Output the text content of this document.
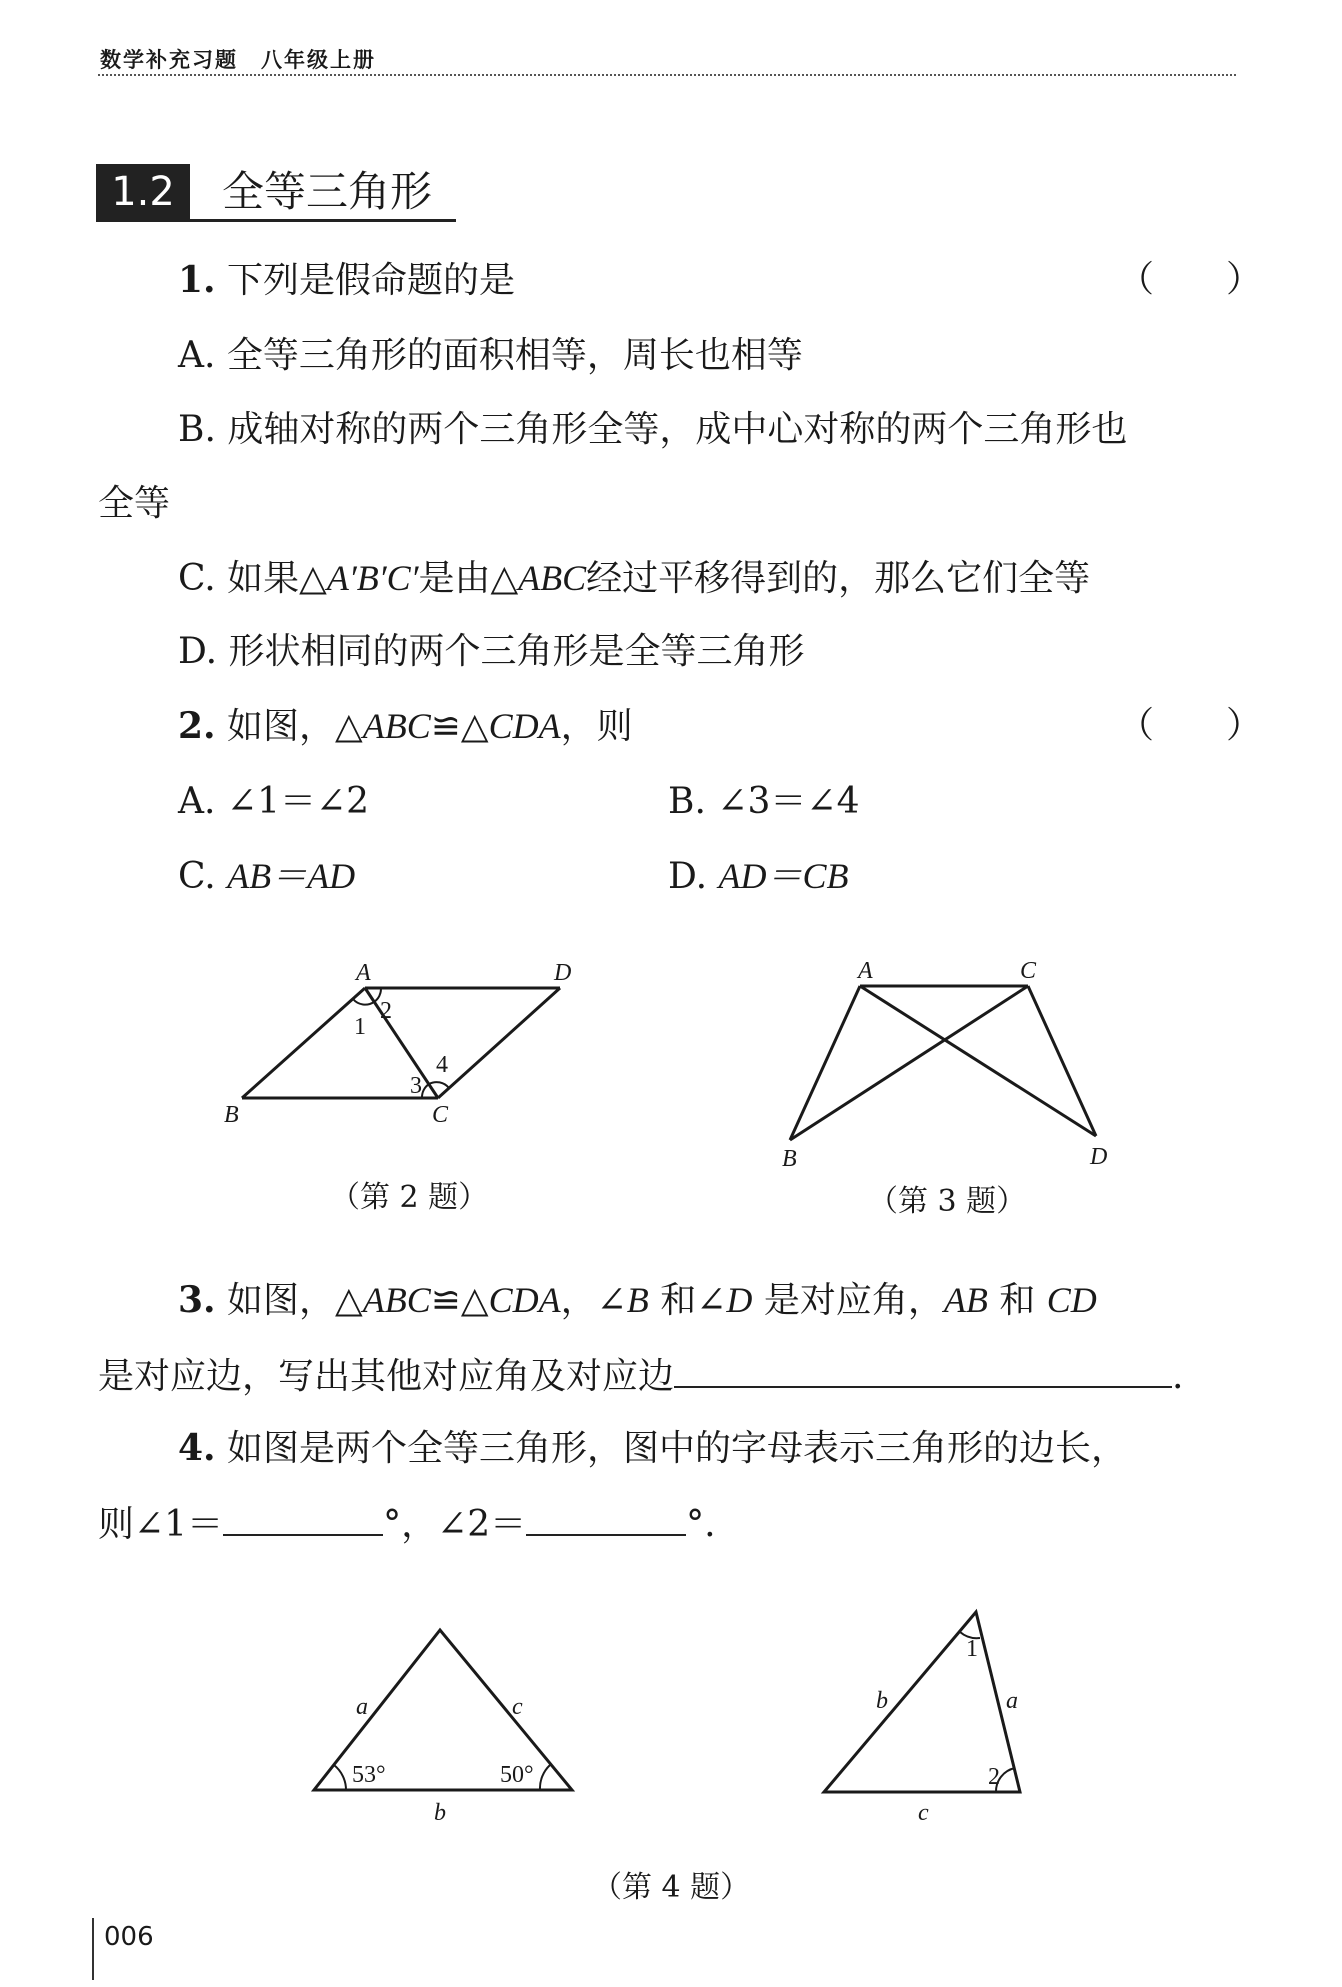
数学补充习题　八年级上册
1.2	全等三角形
1. 下列是假命题的是	（　　）
A. 全等三角形的面积相等，周长也相等
B. 成轴对称的两个三角形全等，成中心对称的两个三角形也
全等
C. 如果△A′B′C′是由△ABC经过平移得到的，那么它们全等
D. 形状相同的两个三角形是全等三角形
2. 如图，△ABC≌△CDA，则	（　　）
A. ∠1＝∠2	B. ∠3＝∠4
C. AB＝AD	D. AD＝CB
A	D
B	C
1
2
3
4
（第 2 题）
A	C
B	D
（第 3 题）
3. 如图，△ABC≌△CDA，∠B 和∠D 是对应角，AB 和 CD
是对应边，写出其他对应角及对应边	.
4. 如图是两个全等三角形，图中的字母表示三角形的边长，
则∠1＝	°，∠2＝	°.
a	c
b
53°	50°
1
2
b	a
c
（第 4 题）
006
